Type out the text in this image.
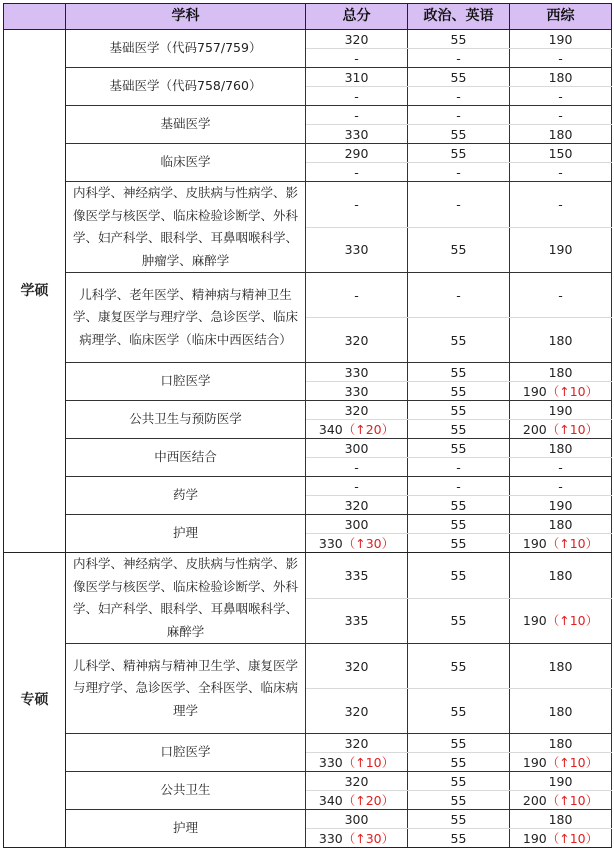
	学科	总分	政治、英语	西综
学硕	基础医学（代码757/759）	320	55	190
		-	-	-
	基础医学（代码758/760）	310	55	180
		-	-	-
	基础医学	-	-	-
		330	55	180
	临床医学	290	55	150
		-	-	-
	内科学、神经病学、皮肤病与性病学、影像医学与核医学、临床检验诊断学、外科学、妇产科学、眼科学、耳鼻咽喉科学、肿瘤学、麻醉学	-	-	-
		330	55	190
	儿科学、老年医学、精神病与精神卫生学、康复医学与理疗学、急诊医学、临床病理学、临床医学（临床中西医结合）	-	-	-
		320	55	180
	口腔医学	330	55	180
		330	55	190（↑10）
	公共卫生与预防医学	320	55	190
		340（↑20）	55	200（↑10）
	中西医结合	300	55	180
		-	-	-
	药学	-	-	-
		320	55	190
	护理	300	55	180
		330（↑30）	55	190（↑10）
专硕	内科学、神经病学、皮肤病与性病学、影像医学与核医学、临床检验诊断学、外科学、妇产科学、眼科学、耳鼻咽喉科学、麻醉学	335	55	180
		335	55	190（↑10）
	儿科学、精神病与精神卫生学、康复医学与理疗学、急诊医学、全科医学、临床病理学	320	55	180
		320	55	180
	口腔医学	320	55	180
		330（↑10）	55	190（↑10）
	公共卫生	320	55	190
		340（↑20）	55	200（↑10）
	护理	300	55	180
		330（↑30）	55	190（↑10）
